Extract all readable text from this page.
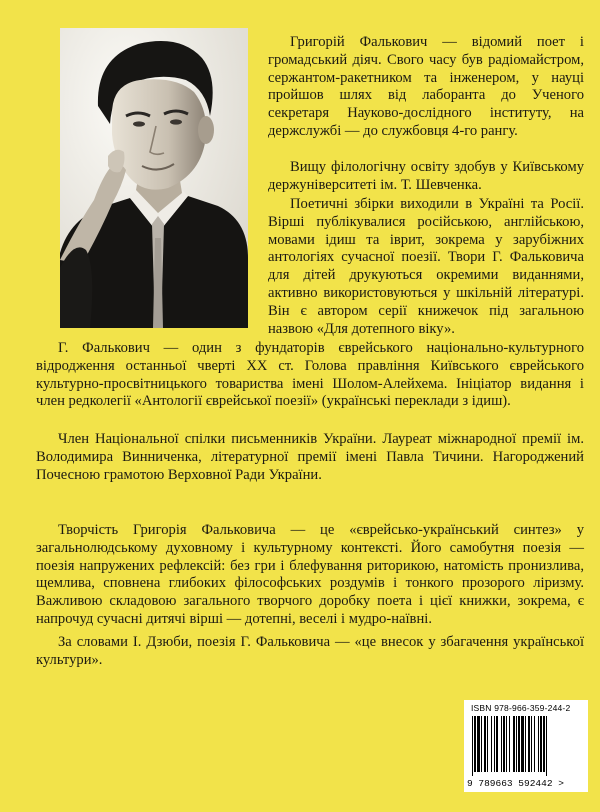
Григорій Фалькович — відомий поет і громадський діяч. Свого часу був радіомайстром, сержантом-ракетником та інженером, у науці пройшов шлях від лаборанта до Ученого секретаря Науково-дослідного інституту, на держслужбі — до службовця 4-го рангу.

Вищу філологічну освіту здобув у Київському держуніверситеті ім. Т. Шевченка.

Поетичні збірки виходили в Україні та Росії. Вірші публікувалися російською, англійською, мовами ідиш та іврит, зокрема у зарубіжних антологіях сучасної поезії. Твори Г. Фальковича для дітей друкуються окремими виданнями, активно використовуються у шкільній літературі. Він є автором серії книжечок під загальною назвою «Для дотепного віку».

Г. Фалькович — один з фундаторів єврейського національно-культурного відродження останньої чверті XX ст. Голова правління Київського єврейського культурно-просвітницького товариства імені Шолом-Алейхема. Ініціатор видання і член редколегії «Антології єврейської поезії» (українські переклади з ідиш).

Член Національної спілки письменників України. Лауреат міжнародної премії ім. Володимира Винниченка, літературної премії імені Павла Тичини. Нагороджений Почесною грамотою Верховної Ради України.

Творчість Григорія Фальковича — це «єврейсько-український синтез» у загальнолюдському духовному і культурному контексті. Його самобутня поезія — поезія напружених рефлексій: без гри і блефування риторикою, натомість пронизлива, щемлива, сповнена глибоких філософських роздумів і тонкого прозорого ліризму. Важливою складовою загального творчого доробку поета і цієї книжки, зокрема, є напрочуд сучасні дитячі вірші — дотепні, веселі і мудро-наївні.

За словами І. Дзюби, поезія Г. Фальковича — «це внесок у збагачення української культури».

ISBN 978-966-359-244-2
9 789663 592442 >
